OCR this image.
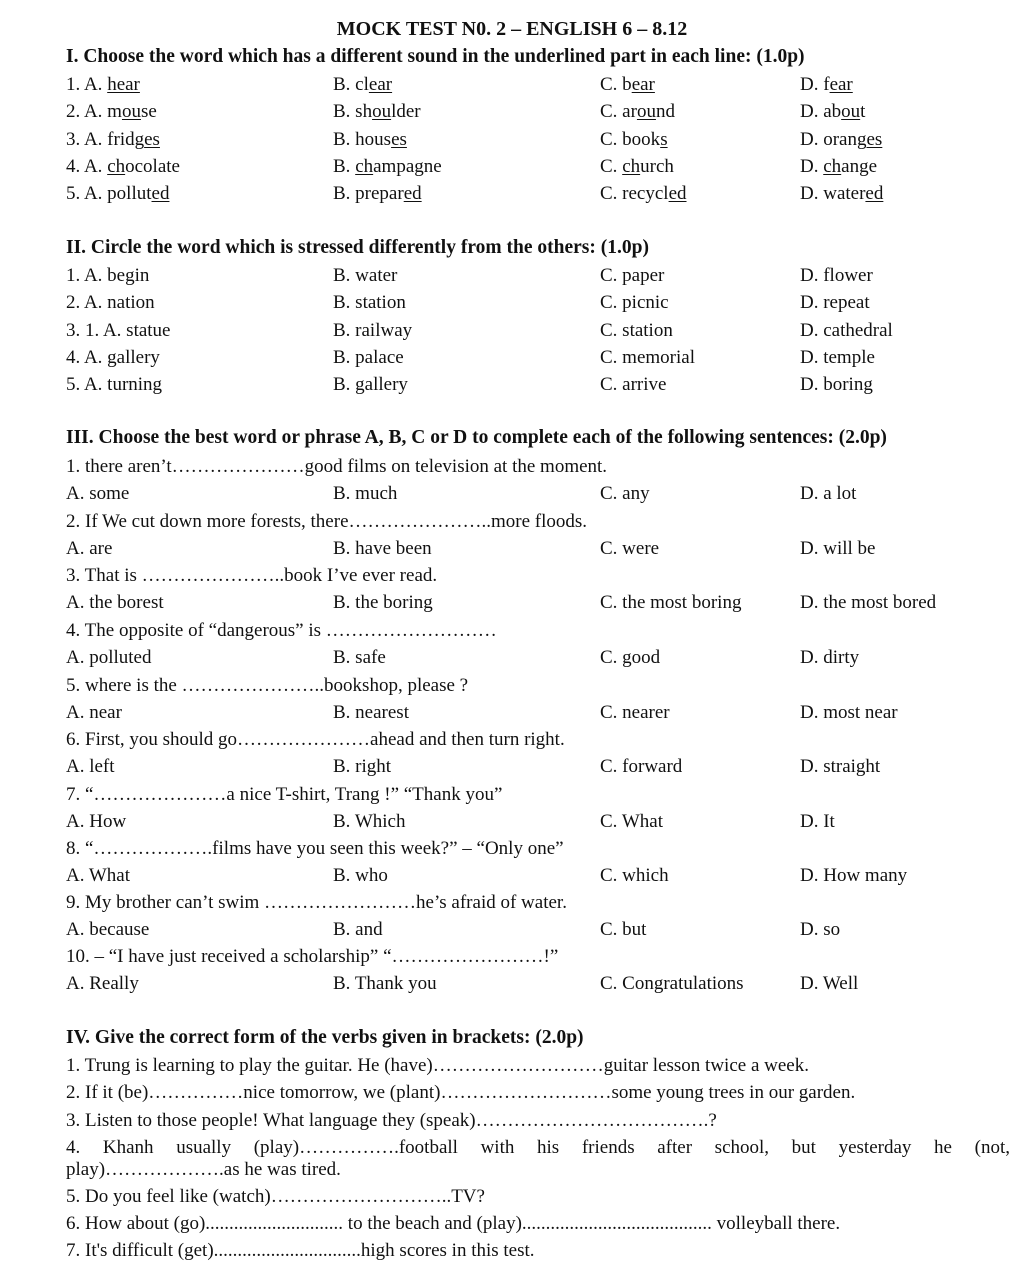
MOCK TEST N0. 2 – ENGLISH 6 – 8.12
I. Choose the word which has a different sound in the underlined part in each line: (1.0p)
1. A. hear	B. clear	C. bear	D. fear
2. A. mouse	B. shoulder	C. around	D. about
3. A. fridges	B. houses	C. books	D. oranges
4. A. chocolate	B. champagne	C. church	D. change
5. A. polluted	B. prepared	C. recycled	D. watered
II. Circle the word which is stressed differently from the others: (1.0p)
1. A. begin	B. water	C. paper	D. flower
2. A. nation	B. station	C. picnic	D. repeat
3. 1. A. statue	B. railway	C. station	D. cathedral
4. A. gallery	B. palace	C. memorial	D. temple
5. A. turning	B. gallery	C. arrive	D. boring
III. Choose the best word or phrase A, B, C or D to complete each of the following sentences: (2.0p)
1. there aren’t…………………good films on television at the moment.
A. some	B. much	C. any	D. a lot
2. If We cut down more forests, there…………………..more floods.
A. are	B. have been	C. were	D. will be
3. That is …………………..book I’ve ever read.
A. the borest	B. the boring	C. the most boring	D. the most bored
4. The opposite of “dangerous” is ………………………
A. polluted	B. safe	C. good	D. dirty
5. where is the …………………..bookshop, please ?
A. near	B. nearest	C. nearer	D. most near
6. First, you should go…………………ahead and then turn right.
A. left	B. right	C. forward	D. straight
7. “…………………a nice T-shirt, Trang !” “Thank you”
A. How	B. Which	C. What	D. It
8. “……………….films have you seen this week?” – “Only one”
A. What	B. who	C. which	D. How many
9. My brother can’t swim ……………………he’s afraid of water.
A. because	B. and	C. but	D. so
10. – “I have just received a scholarship” “……………………!”
A. Really	B. Thank you	C. Congratulations	D. Well
IV. Give the correct form of the verbs given in brackets: (2.0p)
1. Trung is learning to play the guitar. He (have)………………………guitar lesson twice a week.
2. If it (be)……………nice tomorrow, we (plant)………………………some young trees in our garden.
3. Listen to those people! What language they (speak)……………………………….?
4. Khanh usually (play)…………….football with his friends after school, but yesterday he (not,
play)……………….as he was tired.
5. Do you feel like (watch)………………………..TV?
6. How about (go)............................. to the beach and (play)........................................ volleyball there.
7. It's difficult (get)...............................high scores in this test.
